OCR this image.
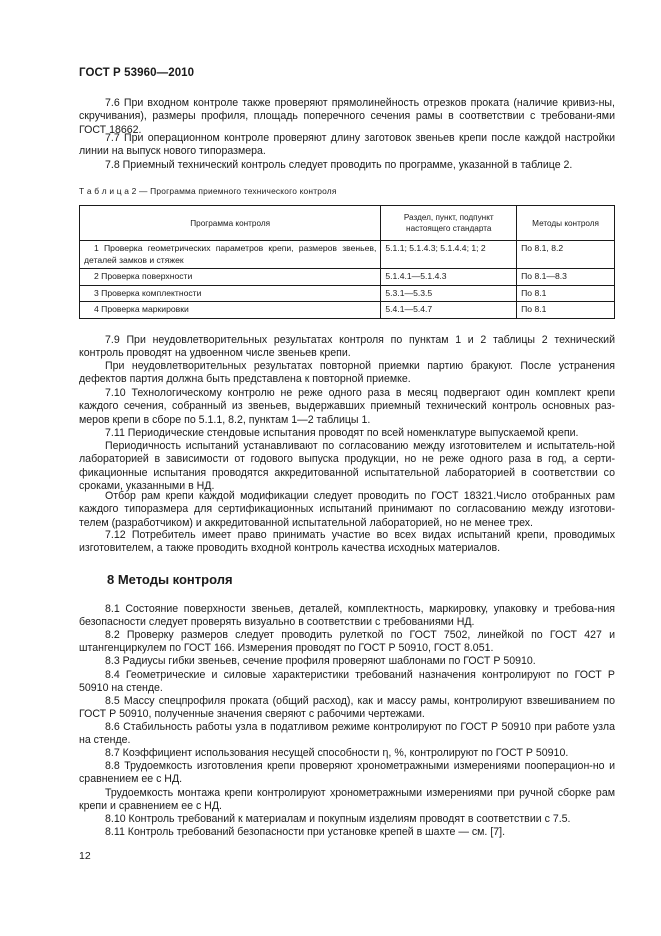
ГОСТ Р 53960—2010

7.6 При входном контроле также проверяют прямолинейность отрезков проката (наличие кривиз-ны, скручивания), размеры профиля, площадь поперечного сечения рамы в соответствии с требовани-ями ГОСТ 18662.

7.7 При операционном контроле проверяют длину заготовок звеньев крепи после каждой настройки линии на выпуск нового типоразмера.

7.8 Приемный технический контроль следует проводить по программе, указанной в таблице 2.

Т а б л и ц а 2 — Программа приемного технического контроля
Программа контроля	Раздел, пункт, подпункт настоящего стандарта	Методы контроля
1 Проверка геометрических параметров крепи, размеров звеньев, деталей замков и стяжек	5.1.1; 5.1.4.3; 5.1.4.4; 1; 2	По 8.1, 8.2
2 Проверка поверхности	5.1.4.1—5.1.4.3	По 8.1—8.3
3 Проверка комплектности	5.3.1—5.3.5	По 8.1
4 Проверка маркировки	5.4.1—5.4.7	По 8.1

7.9 При неудовлетворительных результатах контроля по пунктам 1 и 2 таблицы 2 технический контроль проводят на удвоенном числе звеньев крепи.

При неудовлетворительных результатах повторной приемки партию бракуют. После устранения дефектов партия должна быть представлена к повторной приемке.

7.10 Технологическому контролю не реже одного раза в месяц подвергают один комплект крепи каждого сечения, собранный из звеньев, выдержавших приемный технический контроль основных раз-меров крепи в сборе по 5.1.1, 8.2, пунктам 1—2 таблицы 1.

7.11 Периодические стендовые испытания проводят по всей номенклатуре выпускаемой крепи.

Периодичность испытаний устанавливают по согласованию между изготовителем и испытатель-ной лабораторией в зависимости от годового выпуска продукции, но не реже одного раза в год, а серти-фикационные испытания проводятся аккредитованной испытательной лабораторией в соответствии со сроками, указанными в НД.

Отбор рам крепи каждой модификации следует проводить по ГОСТ 18321.Число отобранных рам каждого типоразмера для сертификационных испытаний принимают по согласованию между изготови-телем (разработчиком) и аккредитованной испытательной лабораторией, но не менее трех.

7.12 Потребитель имеет право принимать участие во всех видах испытаний крепи, проводимых изготовителем, а также проводить входной контроль качества исходных материалов.

8 Методы контроля

8.1 Состояние поверхности звеньев, деталей, комплектность, маркировку, упаковку и требова-ния безопасности следует проверять визуально в соответствии с требованиями НД.

8.2 Проверку размеров следует проводить рулеткой по ГОСТ 7502, линейкой по ГОСТ 427 и штангенциркулем по ГОСТ 166. Измерения проводят по ГОСТ Р 50910, ГОСТ 8.051.

8.3 Радиусы гибки звеньев, сечение профиля проверяют шаблонами по ГОСТ Р 50910.

8.4 Геометрические и силовые характеристики требований назначения контролируют по ГОСТ Р 50910 на стенде.

8.5 Массу спецпрофиля проката (общий расход), как и массу рамы, контролируют взвешиванием по ГОСТ Р 50910, полученные значения сверяют с рабочими чертежами.

8.6 Стабильность работы узла в податливом режиме контролируют по ГОСТ Р 50910 при работе узла на стенде.

8.7 Коэффициент использования несущей способности η, %, контролируют по ГОСТ Р 50910.

8.8 Трудоемкость изготовления крепи проверяют хронометражными измерениями пооперацион-но и сравнением ее с НД.

Трудоемкость монтажа крепи контролируют хронометражными измерениями при ручной сборке рам крепи и сравнением ее с НД.

8.10 Контроль требований к материалам и покупным изделиям проводят в соответствии с 7.5.

8.11 Контроль требований безопасности при установке крепей в шахте — см. [7].

12
